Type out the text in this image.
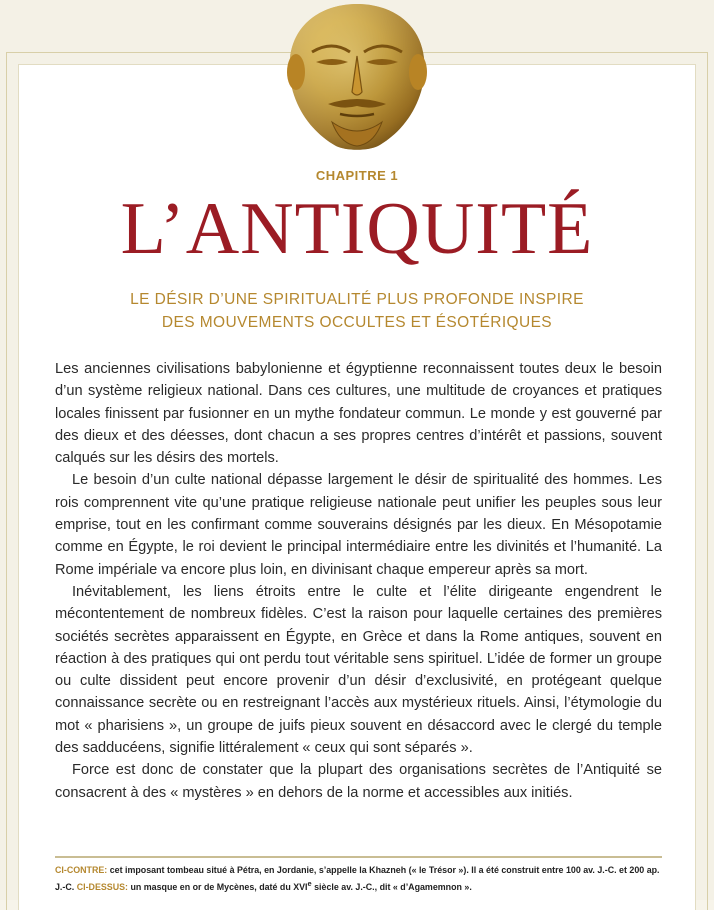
CHAPITRE 1
L’ANTIQUITÉ
LE DÉSIR D’UNE SPIRITUALITÉ PLUS PROFONDE INSPIRE
DES MOUVEMENTS OCCULTES ET ÉSOTÉRIQUES

Les anciennes civilisations babylonienne et égyptienne reconnaissent toutes deux le besoin d’un système religieux national. Dans ces cultures, une multitude de croyances et pratiques locales finissent par fusionner en un mythe fondateur commun. Le monde y est gouverné par des dieux et des déesses, dont chacun a ses propres centres d’intérêt et passions, souvent calqués sur les désirs des mortels.

Le besoin d’un culte national dépasse largement le désir de spiritualité des hommes. Les rois comprennent vite qu’une pratique religieuse nationale peut unifier les peuples sous leur emprise, tout en les confirmant comme souverains désignés par les dieux. En Mésopotamie comme en Égypte, le roi devient le principal intermédiaire entre les divinités et l’humanité. La Rome impériale va encore plus loin, en divinisant chaque empereur après sa mort.

Inévitablement, les liens étroits entre le culte et l’élite dirigeante engendrent le mécontentement de nombreux fidèles. C’est la raison pour laquelle certaines des premières sociétés secrètes apparaissent en Égypte, en Grèce et dans la Rome antiques, souvent en réaction à des pratiques qui ont perdu tout véritable sens spirituel. L’idée de former un groupe ou culte dissident peut encore provenir d’un désir d’exclusivité, en protégeant quelque connaissance secrète ou en restreignant l’accès aux mystérieux rituels. Ainsi, l’étymologie du mot « pharisiens », un groupe de juifs pieux souvent en désaccord avec le clergé du temple des sadducéens, signifie littéralement « ceux qui sont séparés ».

Force est donc de constater que la plupart des organisations secrètes de l’Antiquité se consacrent à des « mystères » en dehors de la norme et accessibles aux initiés.

CI-CONTRE: cet imposant tombeau situé à Pétra, en Jordanie, s’appelle la Khazneh (« le Trésor »). Il a été construit entre 100 av. J.-C. et 200 ap. J.-C. CI-DESSUS: un masque en or de Mycènes, daté du XVIe siècle av. J.-C., dit « d’Agamemnon ».
